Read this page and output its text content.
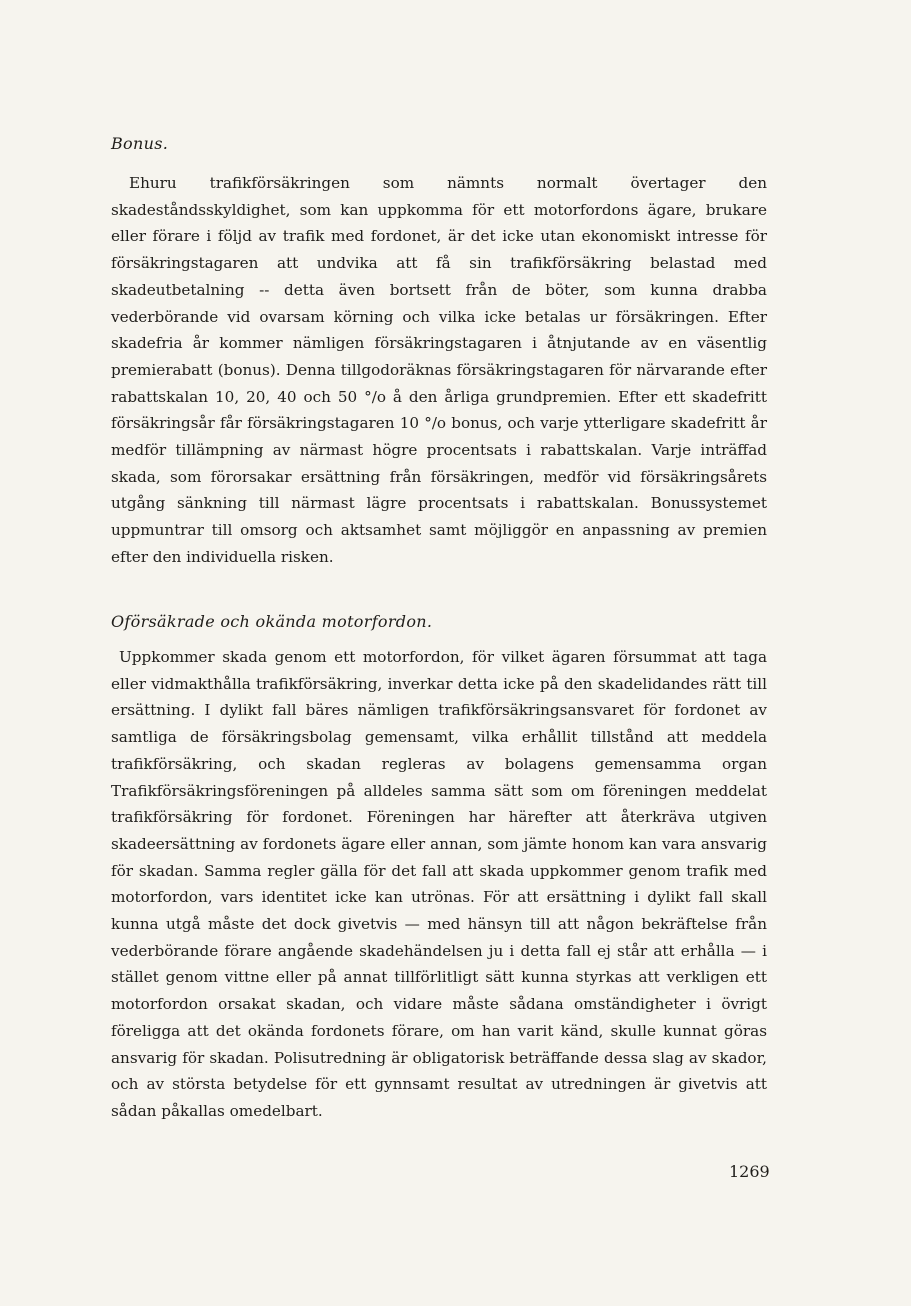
Bonus.

Ehuru trafikförsäkringen som nämnts normalt övertager den skadeståndsskyldighet, som kan uppkomma för ett motorfordons ägare, brukare eller förare i följd av trafik med fordonet, är det icke utan ekonomiskt intresse för försäkringstagaren att undvika att få sin trafikförsäkring belastad med skadeutbetalning -- detta även bortsett från de böter, som kunna drabba vederbörande vid ovarsam körning och vilka icke betalas ur försäkringen. Efter skadefria år kommer nämligen försäkringstagaren i åtnjutande av en väsentlig premierabatt (bonus). Denna tillgodoräknas försäkringstagaren för närvarande efter rabattskalan 10, 20, 40 och 50 °/o å den årliga grundpremien. Efter ett skadefritt försäkringsår får försäkringstagaren 10 °/o bonus, och varje ytterligare skadefritt år medför tillämpning av närmast högre procentsats i rabattskalan. Varje inträffad skada, som förorsakar ersättning från försäkringen, medför vid försäkringsårets utgång sänkning till närmast lägre procentsats i rabattskalan. Bonussystemet uppmuntrar till omsorg och aktsamhet samt möjliggör en anpassning av premien efter den individuella risken.

Oförsäkrade och okända motorfordon.

Uppkommer skada genom ett motorfordon, för vilket ägaren försummat att taga eller vidmakthålla trafikförsäkring, inverkar detta icke på den skadelidandes rätt till ersättning. I dylikt fall bäres nämligen trafikförsäkringsansvaret för fordonet av samtliga de försäkringsbolag gemensamt, vilka erhållit tillstånd att meddela trafikförsäkring, och skadan regleras av bolagens gemensamma organ Trafikförsäkringsföreningen på alldeles samma sätt som om föreningen meddelat trafikförsäkring för fordonet. Föreningen har härefter att återkräva utgiven skadeersättning av fordonets ägare eller annan, som jämte honom kan vara ansvarig för skadan. Samma regler gälla för det fall att skada uppkommer genom trafik med motorfordon, vars identitet icke kan utrönas. För att ersättning i dylikt fall skall kunna utgå måste det dock givetvis — med hänsyn till att någon bekräftelse från vederbörande förare angående skadehändelsen ju i detta fall ej står att erhålla — i stället genom vittne eller på annat tillförlitligt sätt kunna styrkas att verkligen ett motorfordon orsakat skadan, och vidare måste sådana omständigheter i övrigt föreligga att det okända fordonets förare, om han varit känd, skulle kunnat göras ansvarig för skadan. Polisutredning är obligatorisk beträffande dessa slag av skador, och av största betydelse för ett gynnsamt resultat av utredningen är givetvis att sådan påkallas omedelbart.

1269
